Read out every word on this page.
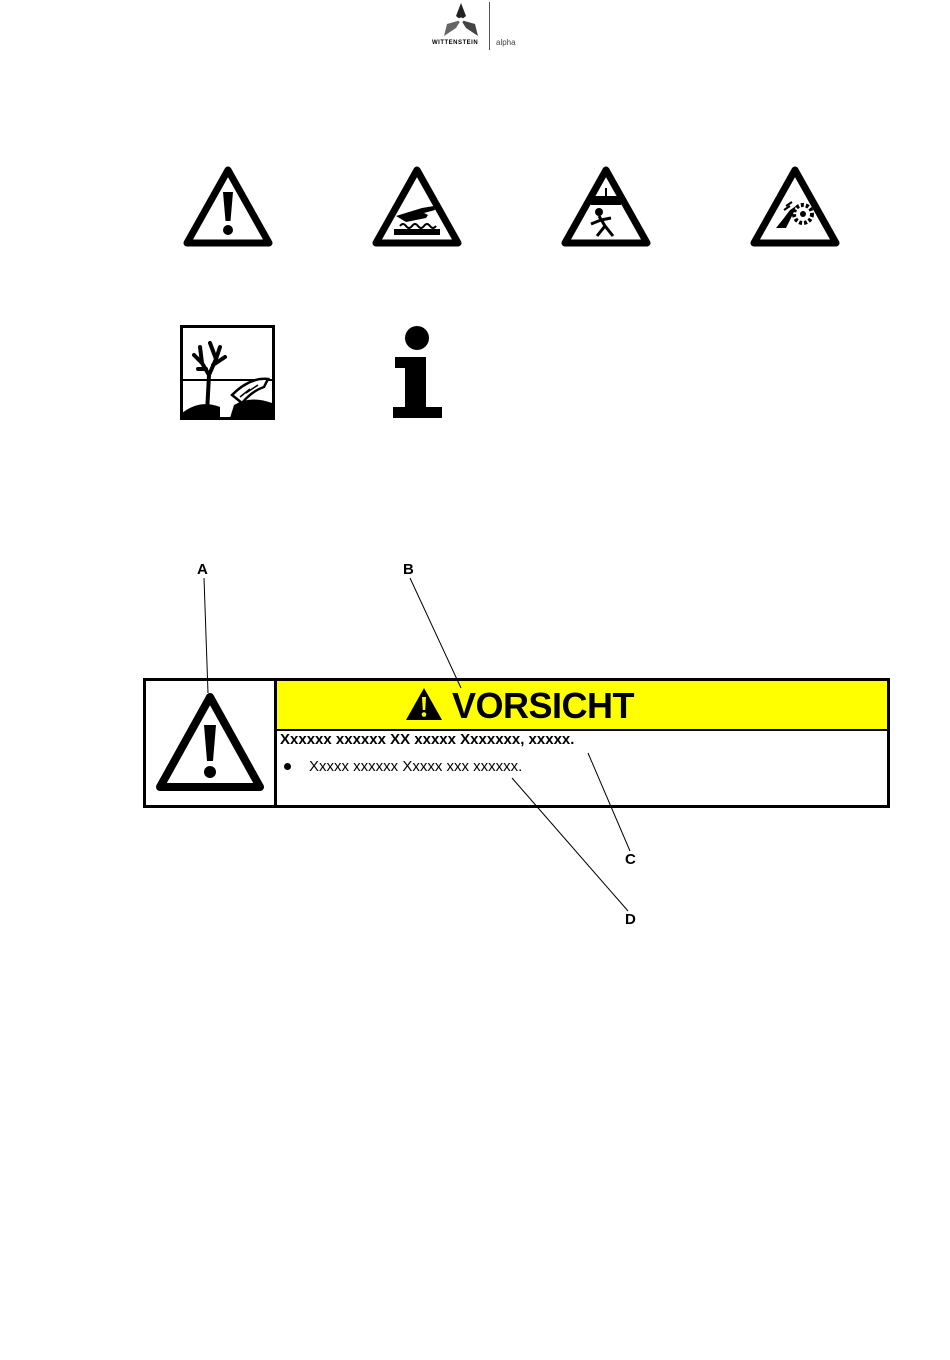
WITTENSTEIN alpha
A	B
C
D
VORSICHT
Xxxxxx xxxxxx XX xxxxx Xxxxxxx, xxxxx.
Xxxxx xxxxxx Xxxxx xxx xxxxxx.
